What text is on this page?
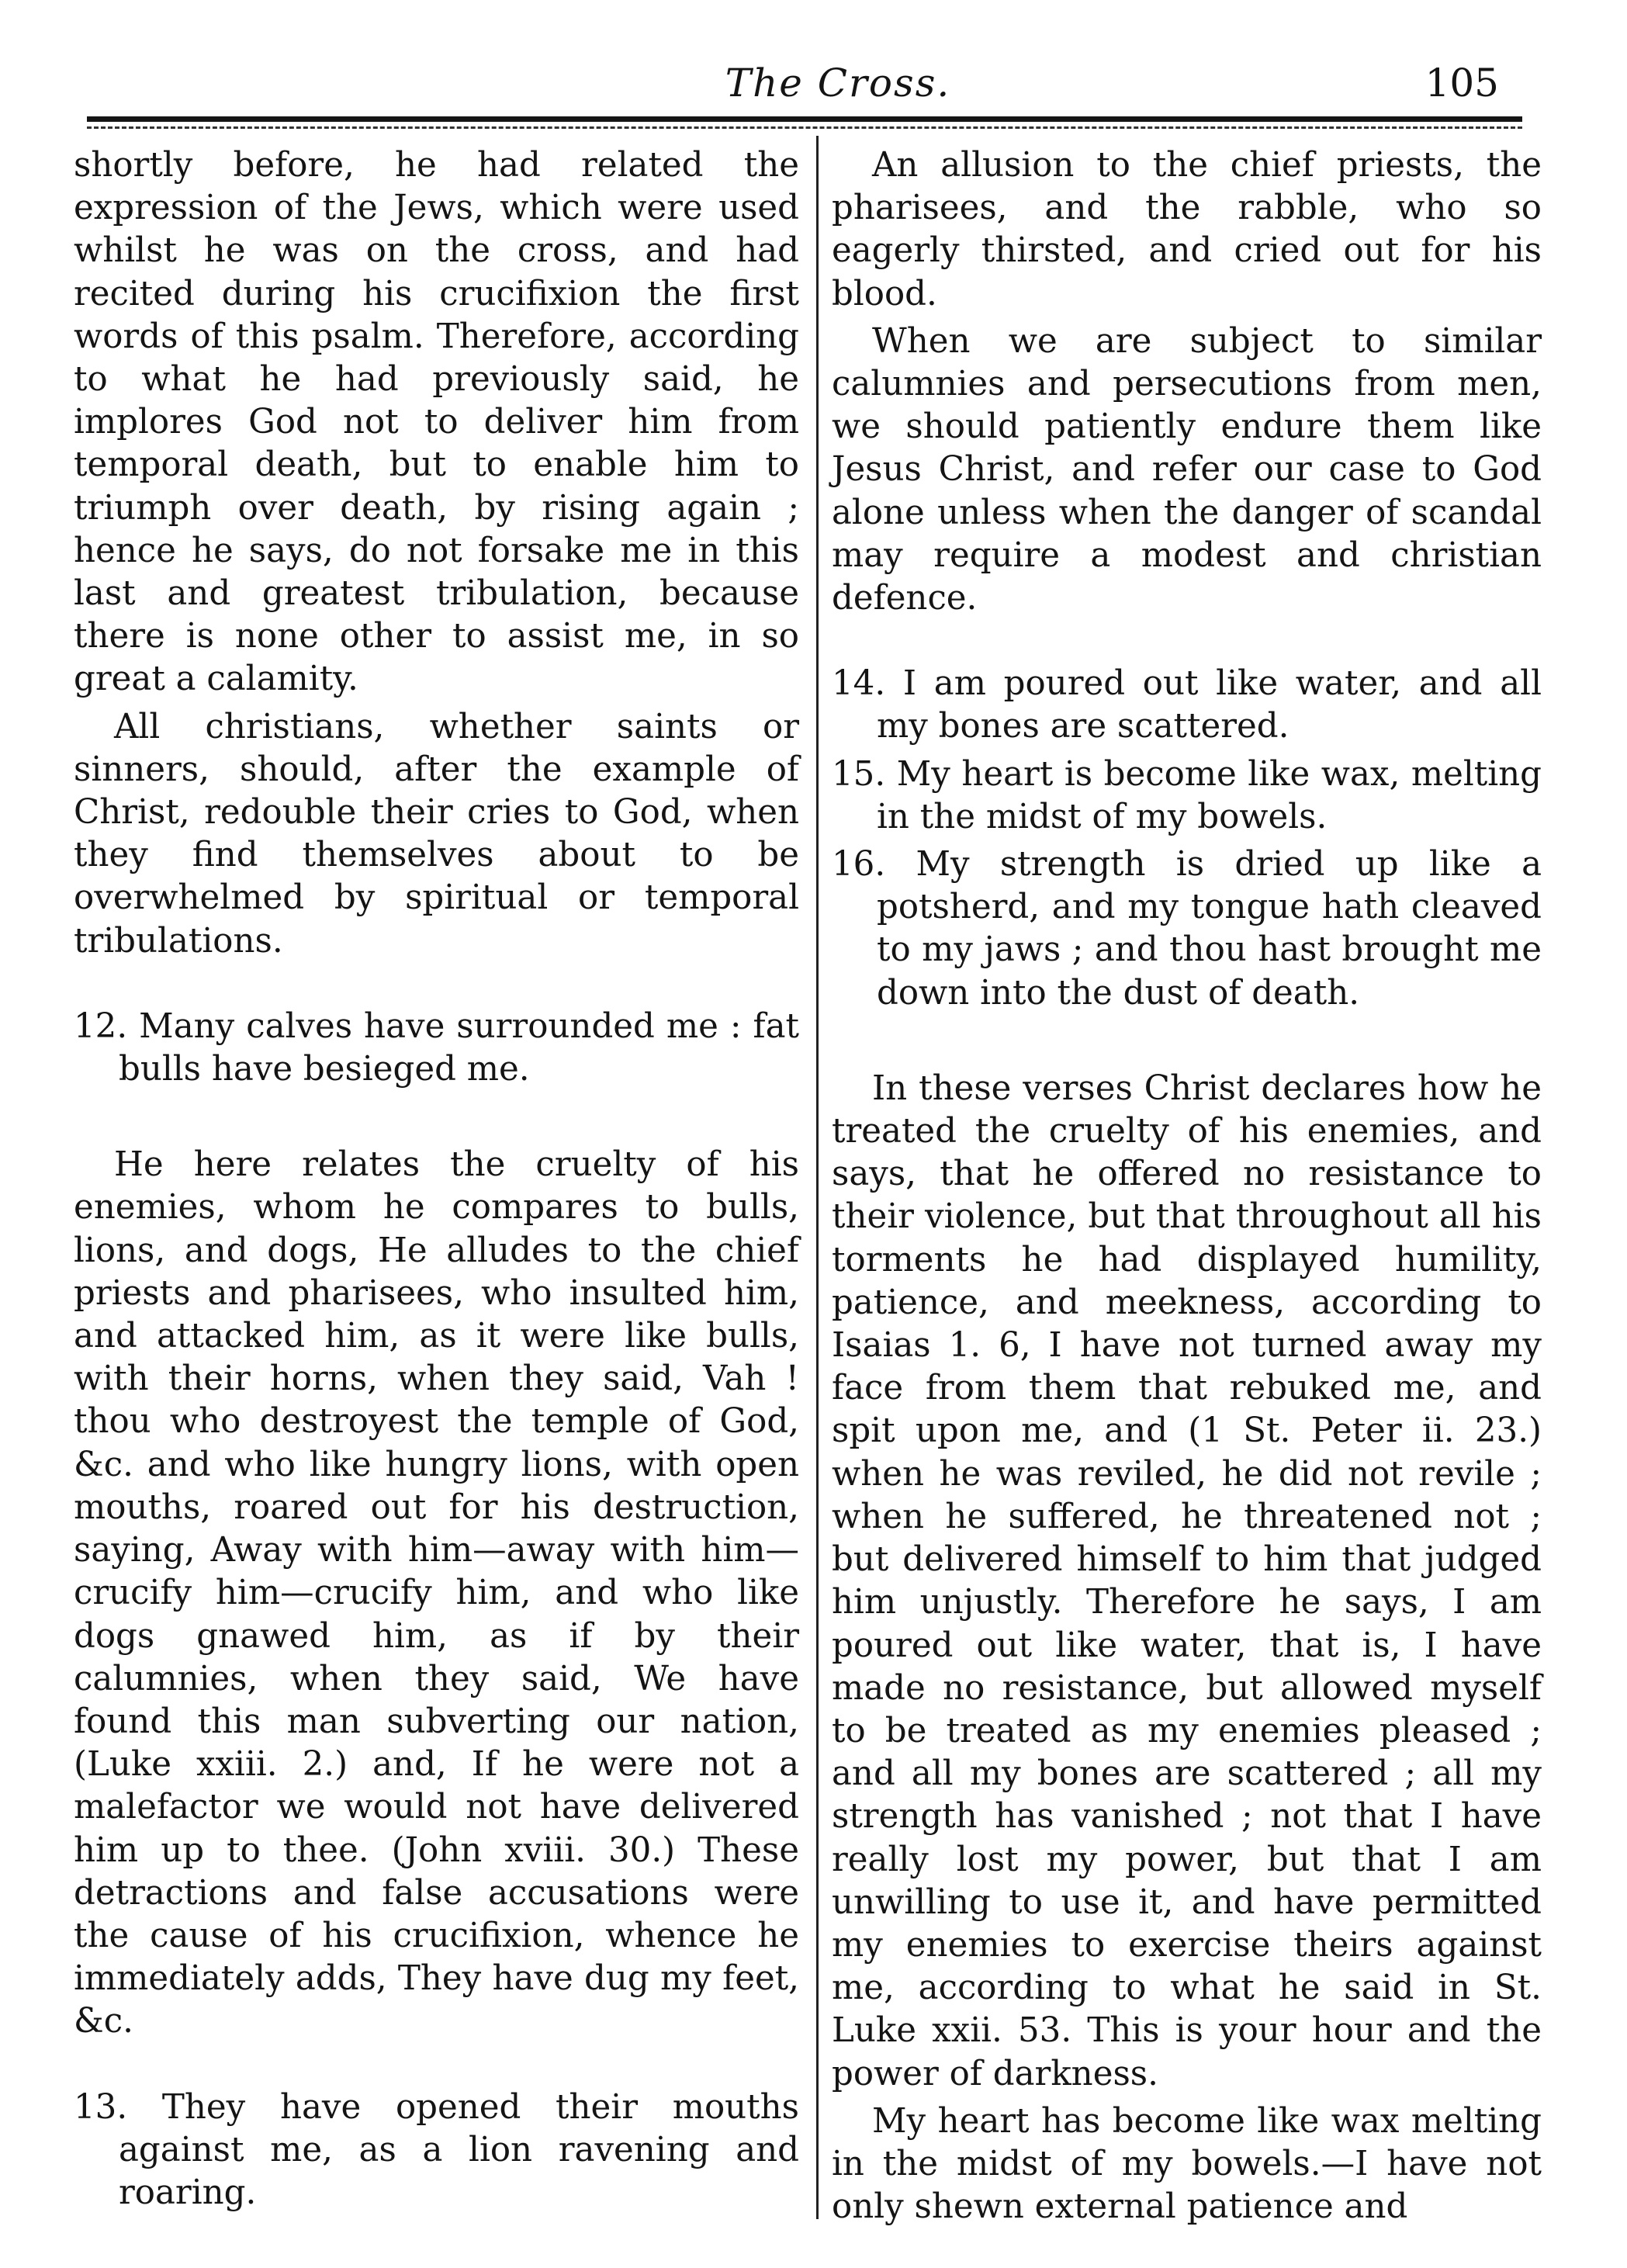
The Cross.	105

shortly before, he had related the expression of the Jews, which were used whilst he was on the cross, and had recited during his crucifixion the first words of this psalm. Therefore, according to what he had previously said, he implores God not to deliver him from temporal death, but to enable him to triumph over death, by rising again ; hence he says, do not forsake me in this last and greatest tribulation, because there is none other to assist me, in so great a calamity.

All christians, whether saints or sinners, should, after the example of Christ, redouble their cries to God, when they find themselves about to be overwhelmed by spiritual or temporal tribulations.

12. Many calves have surrounded me : fat bulls have besieged me.

He here relates the cruelty of his enemies, whom he compares to bulls, lions, and dogs, He alludes to the chief priests and pharisees, who insulted him, and attacked him, as it were like bulls, with their horns, when they said, Vah ! thou who destroyest the temple of God, &c. and who like hungry lions, with open mouths, roared out for his destruction, saying, Away with him—away with him—crucify him—crucify him, and who like dogs gnawed him, as if by their calumnies, when they said, We have found this man subverting our nation, (Luke xxiii. 2.) and, If he were not a malefactor we would not have delivered him up to thee. (John xviii. 30.) These detractions and false accusations were the cause of his crucifixion, whence he immediately adds, They have dug my feet, &c.

13. They have opened their mouths against me, as a lion ravening and roaring.

An allusion to the chief priests, the pharisees, and the rabble, who so eagerly thirsted, and cried out for his blood.

When we are subject to similar calumnies and persecutions from men, we should patiently endure them like Jesus Christ, and refer our case to God alone unless when the danger of scandal may require a modest and christian defence.

14. I am poured out like water, and all my bones are scattered.

15. My heart is become like wax, melting in the midst of my bowels.

16. My strength is dried up like a potsherd, and my tongue hath cleaved to my jaws ; and thou hast brought me down into the dust of death.

In these verses Christ declares how he treated the cruelty of his enemies, and says, that he offered no resistance to their violence, but that throughout all his torments he had displayed humility, patience, and meekness, according to Isaias 1. 6, I have not turned away my face from them that rebuked me, and spit upon me, and (1 St. Peter ii. 23.) when he was reviled, he did not revile ; when he suffered, he threatened not ; but delivered himself to him that judged him unjustly. Therefore he says, I am poured out like water, that is, I have made no resistance, but allowed myself to be treated as my enemies pleased ; and all my bones are scattered ; all my strength has vanished ; not that I have really lost my power, but that I am unwilling to use it, and have permitted my enemies to exercise theirs against me, according to what he said in St. Luke xxii. 53. This is your hour and the power of darkness.

My heart has become like wax melting in the midst of my bowels.—I have not only shewn external patience and
